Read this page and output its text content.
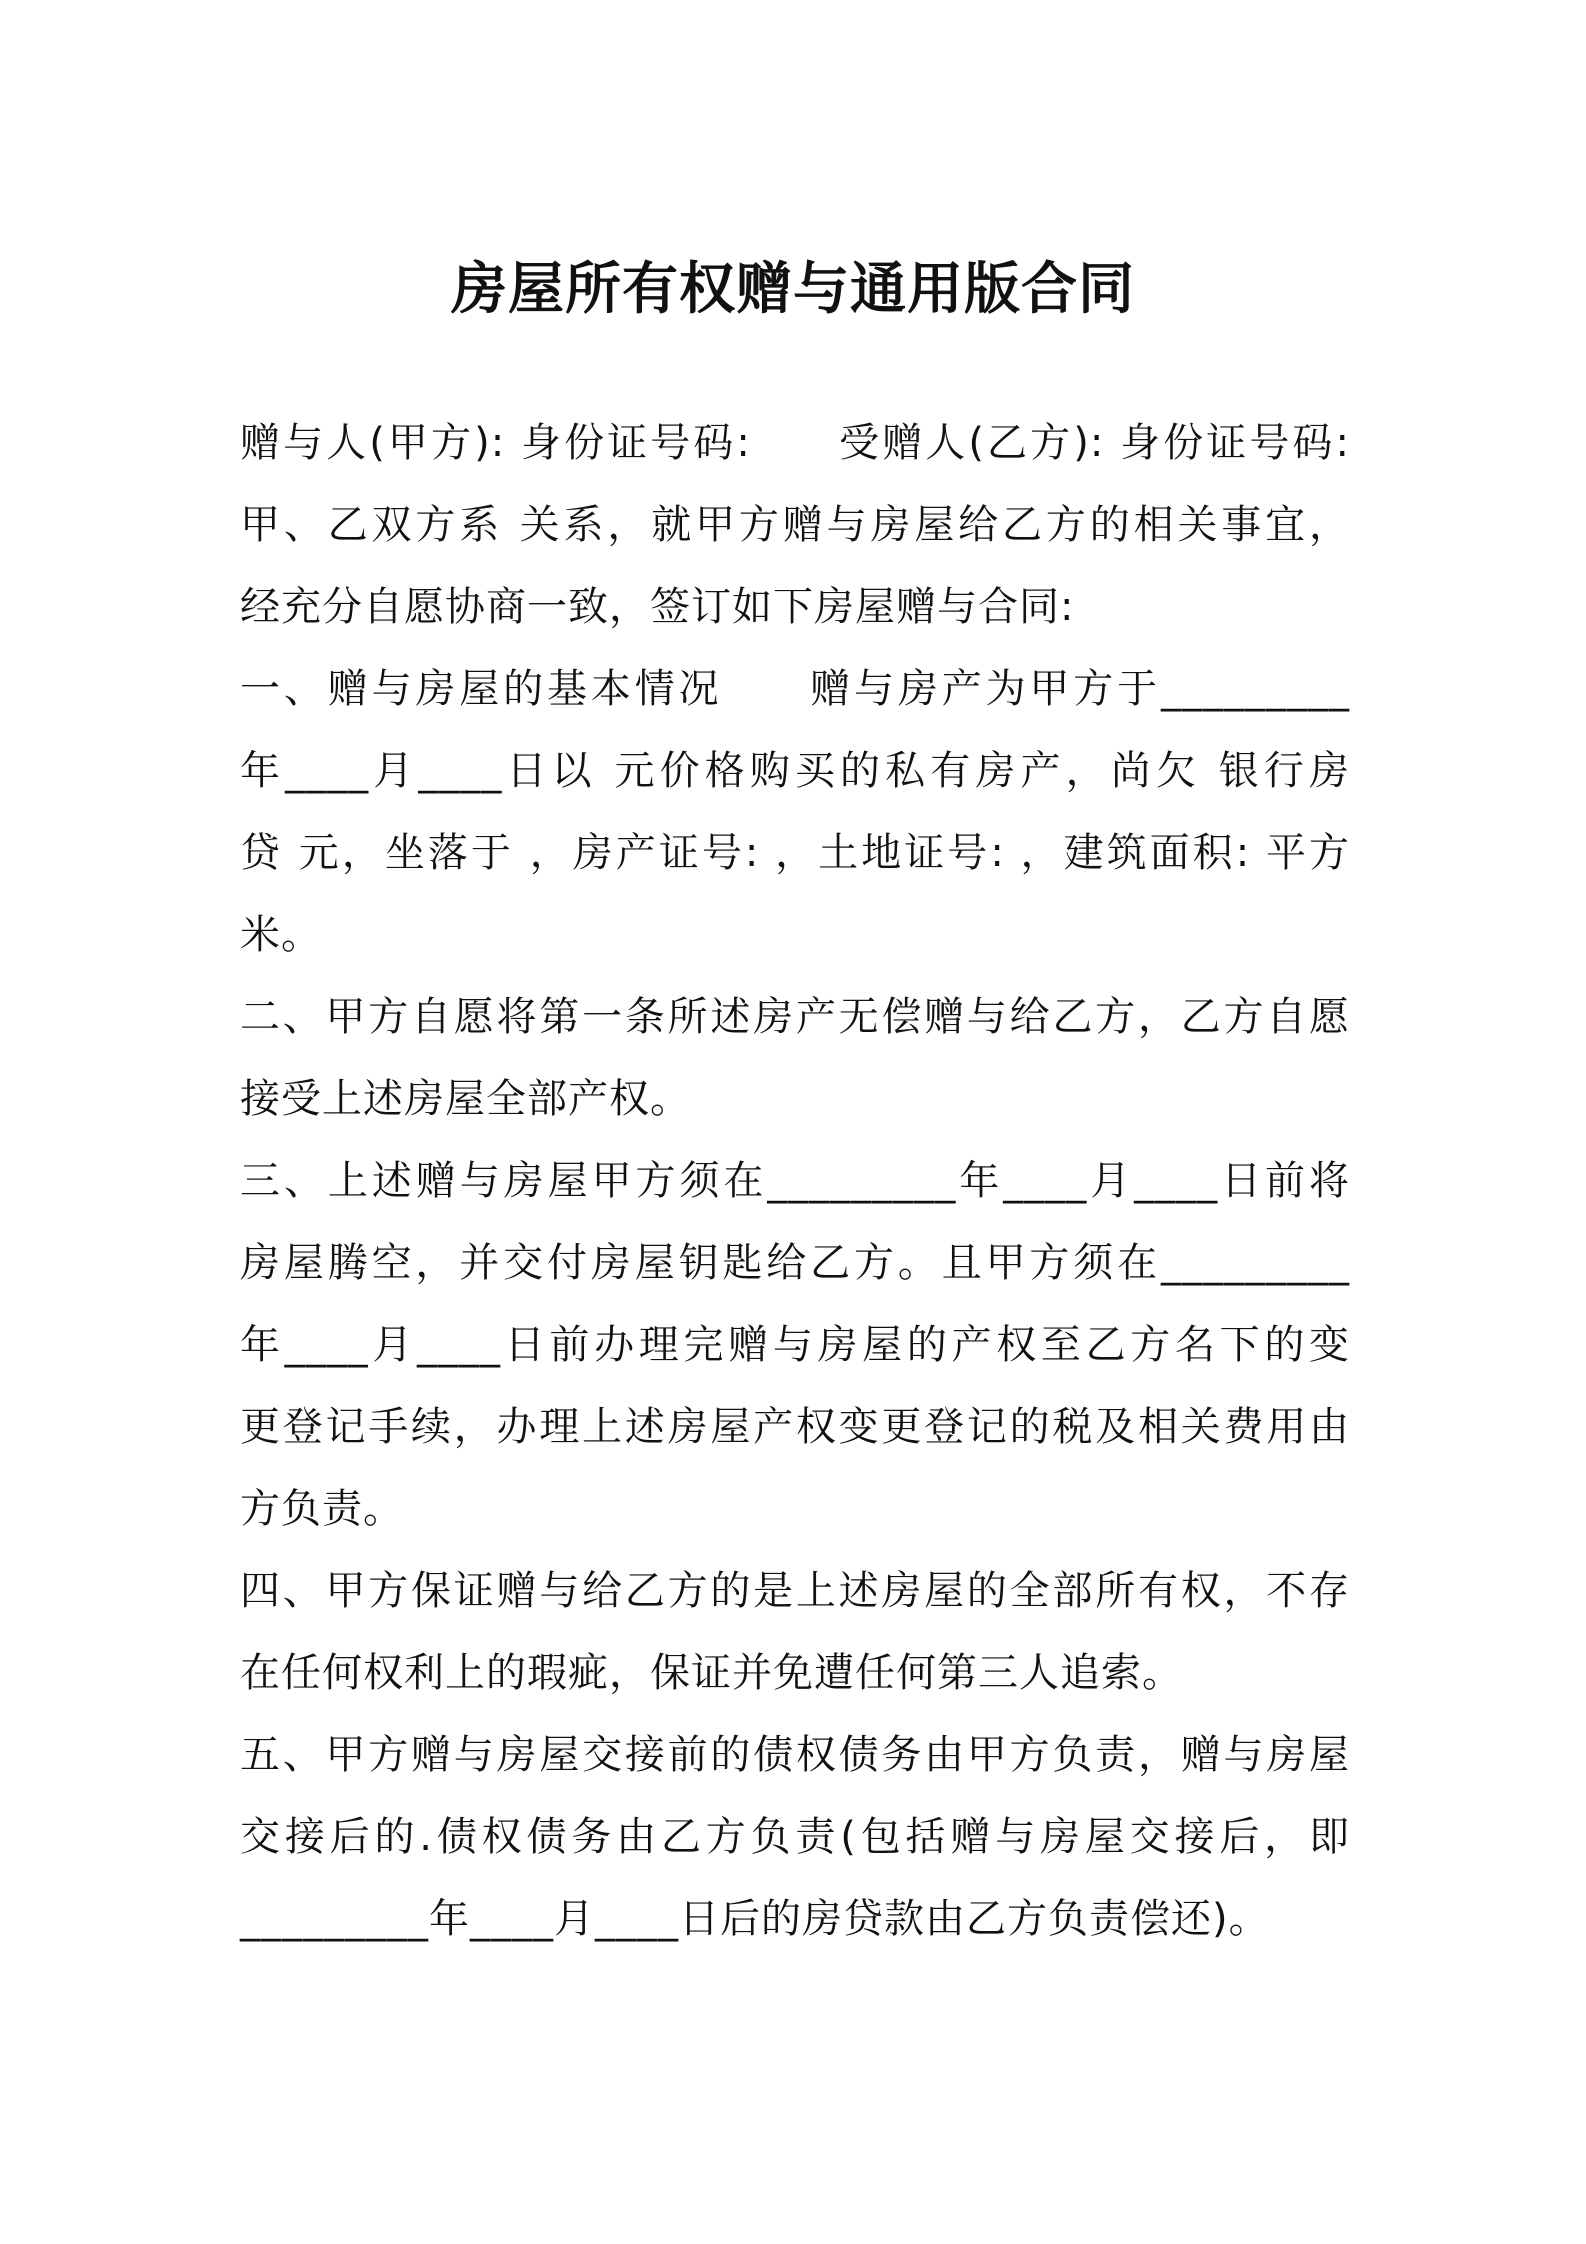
房屋所有权赠与通用版合同
赠与人(甲方): 身份证号码:　　受赠人(乙方): 身份证号码:
甲、乙双方系 关系，就甲方赠与房屋给乙方的相关事宜，
经充分自愿协商一致，签订如下房屋赠与合同:
一、赠与房屋的基本情况　　赠与房产为甲方于_________
年____月____日以 元价格购买的私有房产，尚欠 银行房
贷 元，坐落于 ，房产证号: ，土地证号: ，建筑面积: 平方
米。
二、甲方自愿将第一条所述房产无偿赠与给乙方，乙方自愿
接受上述房屋全部产权。
三、上述赠与房屋甲方须在_________年____月____日前将
房屋腾空，并交付房屋钥匙给乙方。且甲方须在_________
年____月____日前办理完赠与房屋的产权至乙方名下的变
更登记手续，办理上述房屋产权变更登记的税及相关费用由
方负责。
四、甲方保证赠与给乙方的是上述房屋的全部所有权，不存
在任何权利上的瑕疵，保证并免遭任何第三人追索。
五、甲方赠与房屋交接前的债权债务由甲方负责，赠与房屋
交接后的.债权债务由乙方负责(包括赠与房屋交接后，即
_________年____月____日后的房贷款由乙方负责偿还)。
